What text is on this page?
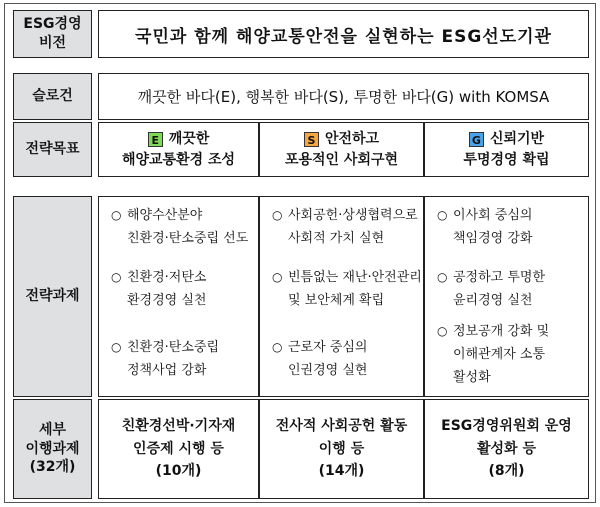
ESG경영
비전
슬로건
전략목표
전략과제
세부
이행과제
(32개)
국민과 함께 해양교통안전을 실현하는 ESG선도기관
깨끗한 바다(E), 행복한 바다(S), 투명한 바다(G) with KOMSA
E 깨끗한
해양교통환경 조성
S 안전하고
포용적인 사회구현
G 신뢰기반
투명경영 확립
○ 해양수산분야
친환경·탄소중립 선도
○ 친환경·저탄소
환경경영 실천
○ 친환경·탄소중립
정책사업 강화
○ 사회공헌·상생협력으로
사회적 가치 실현
○ 빈틈없는 재난·안전관리
및 보안체계 확립
○ 근로자 중심의
인권경영 실현
○ 이사회 중심의
책임경영 강화
○ 공정하고 투명한
윤리경영 실천
○ 정보공개 강화 및
이해관계자 소통
활성화
친환경선박·기자재
인증제 시행 등
(10개)
전사적 사회공헌 활동
이행 등
(14개)
ESG경영위원회 운영
활성화 등
(8개)
